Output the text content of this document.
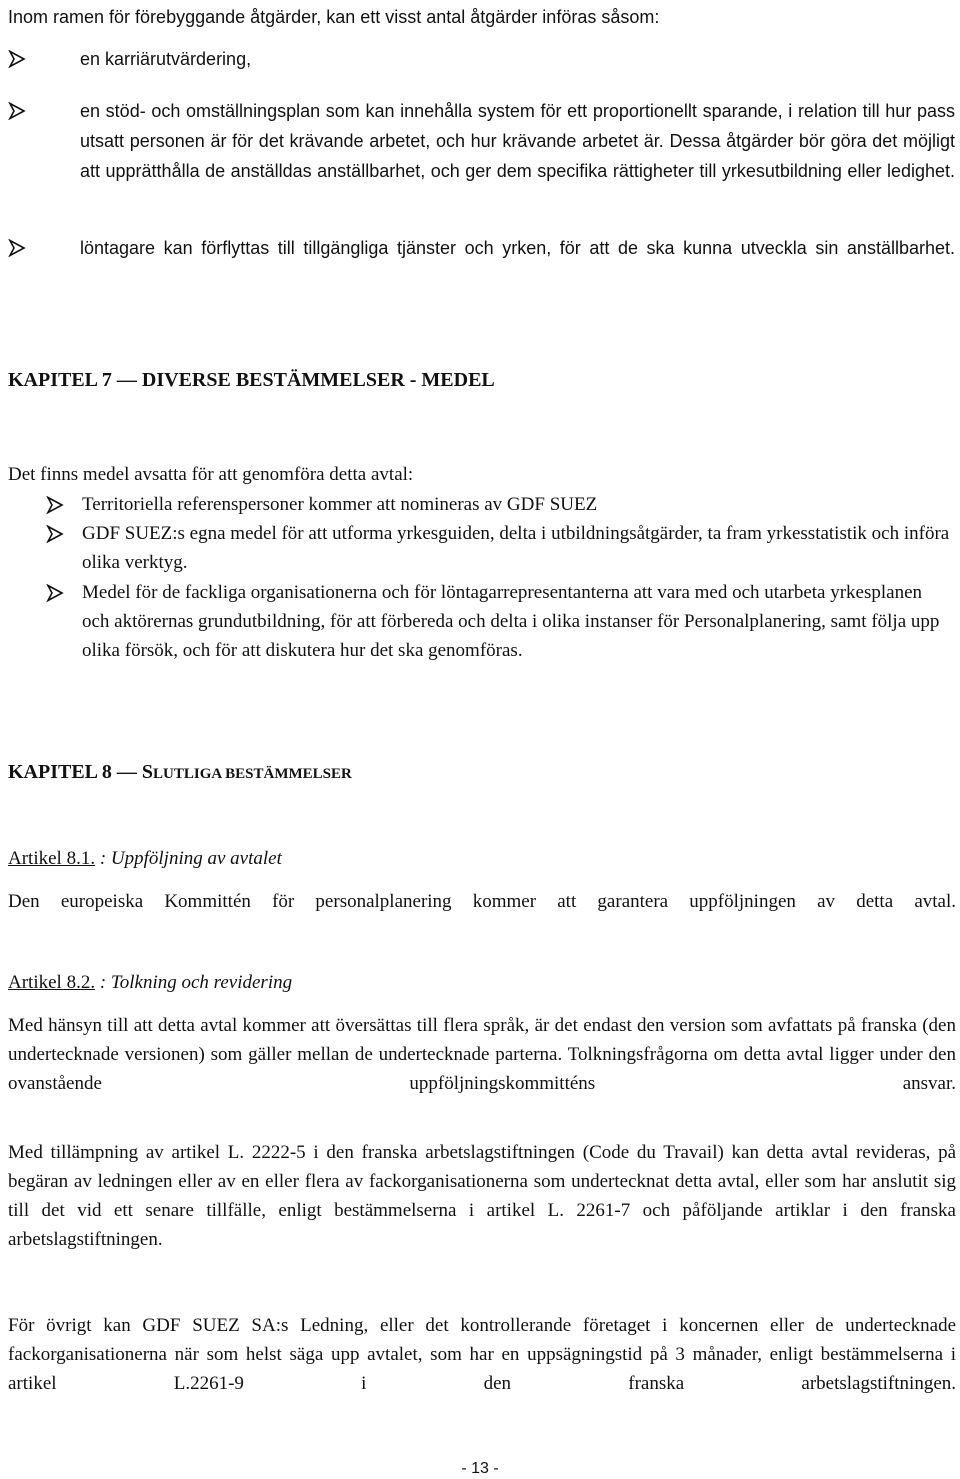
Inom ramen för förebyggande åtgärder, kan ett visst antal åtgärder införas såsom:

en karriärutvärdering,

en stöd- och omställningsplan som kan innehålla system för ett proportionellt sparande, i relation till hur pass utsatt personen är för det krävande arbetet, och hur krävande arbetet är. Dessa åtgärder bör göra det möjligt att upprätthålla de anställdas anställbarhet, och ger dem specifika rättigheter till yrkesutbildning eller ledighet.

löntagare kan förflyttas till tillgängliga tjänster och yrken, för att de ska kunna utveckla sin anställbarhet.

KAPITEL 7 — DIVERSE BESTÄMMELSER - MEDEL

Det finns medel avsatta för att genomföra detta avtal:

Territoriella referenspersoner kommer att nomineras av GDF SUEZ

GDF SUEZ:s egna medel för att utforma yrkesguiden, delta i utbildningsåtgärder, ta fram yrkesstatistik och införa olika verktyg.

Medel för de fackliga organisationerna och för löntagarrepresentanterna att vara med och utarbeta yrkesplanen och aktörernas grundutbildning, för att förbereda och delta i olika instanser för Personalplanering, samt följa upp olika försök, och för att diskutera hur det ska genomföras.

KAPITEL 8 — SLUTLIGA BESTÄMMELSER

Artikel 8.1. : Uppföljning av avtalet

Den europeiska Kommittén för personalplanering kommer att garantera uppföljningen av detta avtal.

Artikel 8.2. : Tolkning och revidering

Med hänsyn till att detta avtal kommer att översättas till flera språk, är det endast den version som avfattats på franska (den undertecknade versionen) som gäller mellan de undertecknade parterna. Tolkningsfrågorna om detta avtal ligger under den ovanstående uppföljningskommitténs ansvar.

Med tillämpning av artikel L. 2222-5 i den franska arbetslagstiftningen (Code du Travail) kan detta avtal revideras, på begäran av ledningen eller av en eller flera av fackorganisationerna som undertecknat detta avtal, eller som har anslutit sig till det vid ett senare tillfälle, enligt bestämmelserna i artikel L. 2261-7 och påföljande artiklar i den franska arbetslagstiftningen.

För övrigt kan GDF SUEZ SA:s Ledning, eller det kontrollerande företaget i koncernen eller de undertecknade fackorganisationerna när som helst säga upp avtalet, som har en uppsägningstid på 3 månader, enligt bestämmelserna i artikel L.2261-9 i den franska arbetslagstiftningen.

- 13 -
